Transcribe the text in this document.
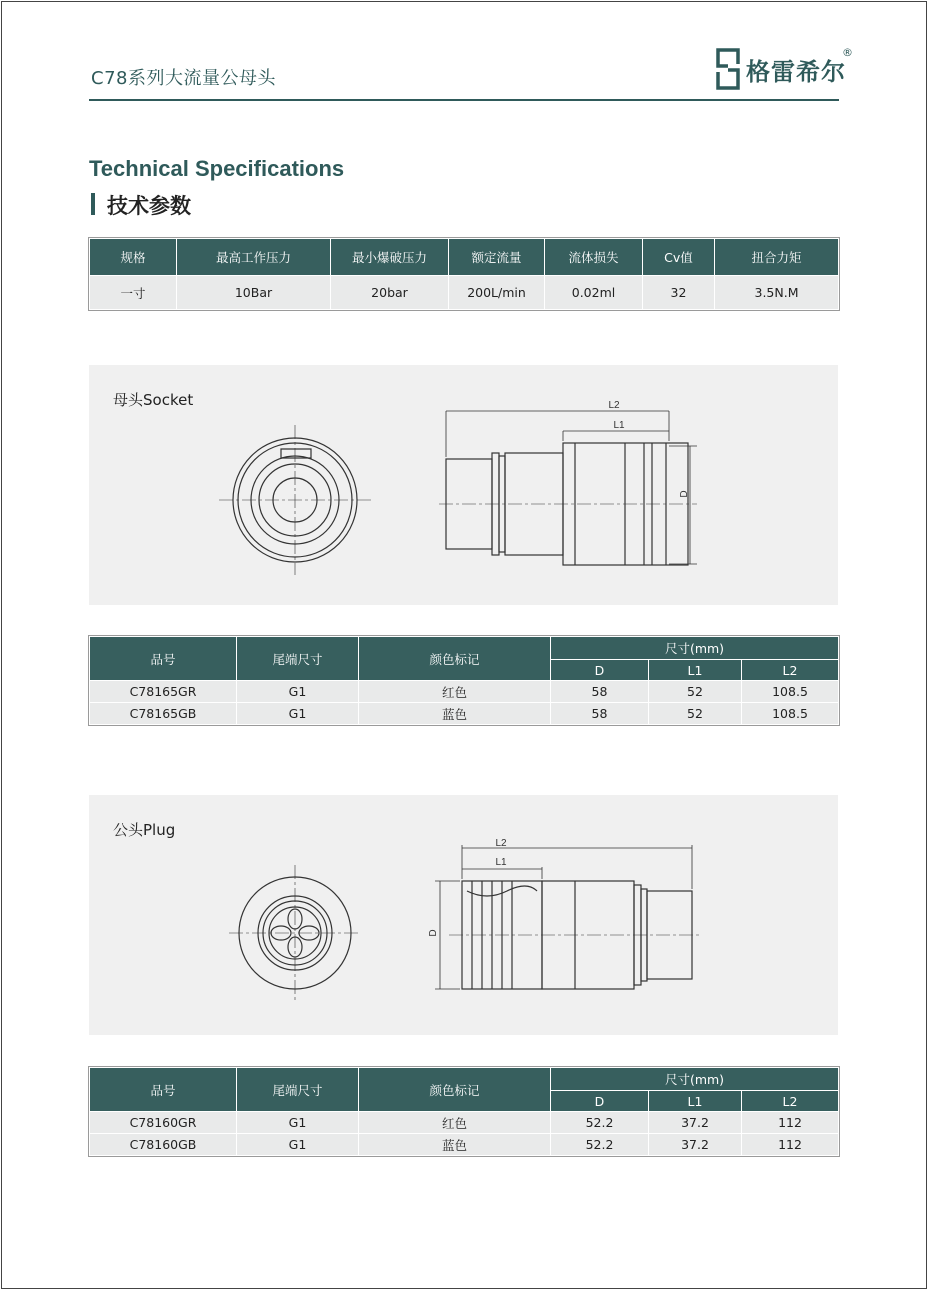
C78系列大流量公母头	格雷希尔
®
Technical Specifications
技术参数
规格	最高工作压力	最小爆破压力	额定流量	流体损失	Cv值	扭合力矩
一寸	10Bar	20bar	200L/min	0.02ml	32	3.5N.M
母头Socket	L2
L1
D
品号	尾端尺寸	颜色标记	尺寸(mm)		
			D	L1	L2
C78165GR	G1	红色	58	52	108.5
C78165GB	G1	蓝色	58	52	108.5
公头Plug
L2
L1
D
品号	尾端尺寸	颜色标记	尺寸(mm)		
			D	L1	L2
C78160GR	G1	红色	52.2	37.2	112
C78160GB	G1	蓝色	52.2	37.2	112
